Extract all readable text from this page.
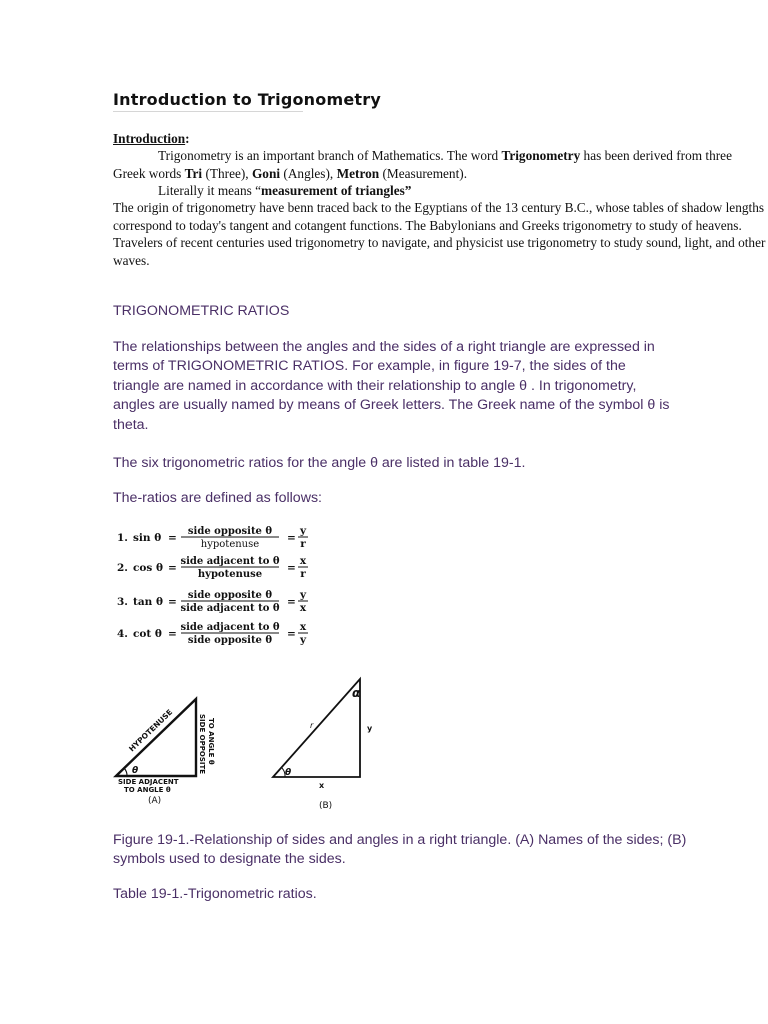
Introduction to Trigonometry
Introduction:
Trigonometry is an important branch of Mathematics. The word Trigonometry has been derived from three Greek words Tri (Three), Goni (Angles), Metron (Measurement).
Literally it means “measurement of triangles”
The origin of trigonometry have benn traced back to the Egyptians of the 13 century B.C., whose tables of shadow lengths correspond to today's tangent and cotangent functions. The Babylonians and Greeks trigonometry to study of heavens. Travelers of recent centuries used trigonometry to navigate, and physicist use trigonometry to study sound, light, and other waves.
TRIGONOMETRIC RATIOS
The relationships between the angles and the sides of a right triangle are expressed in terms of TRIGONOMETRIC RATIOS. For example, in figure 19-7, the sides of the triangle are named in accordance with their relationship to angle θ . In trigonometry, angles are usually named by means of Greek letters. The Greek name of the symbol θ is theta.
The six trigonometric ratios for the angle θ are listed in table 19-1.
The-ratios are defined as follows:
1. sin θ =
side opposite θ
hypotenuse
=
y
r
2. cos θ =
side adjacent to θ
hypotenuse
=
x
r
3. tan θ =
side opposite θ
side adjacent to θ
=
y
x
4. cot θ =
side adjacent to θ
side opposite θ
=
x
y
θ
HYPOTENUSE	SIDE OPPOSITE TO ANGLE θ
SIDE ADJACENT
TO ANGLE θ
(A)
α
r	y
x
θ
(B)
Figure 19-1.-Relationship of sides and angles in a right triangle. (A) Names of the sides; (B) symbols used to designate the sides.
Table 19-1.-Trigonometric ratios.
